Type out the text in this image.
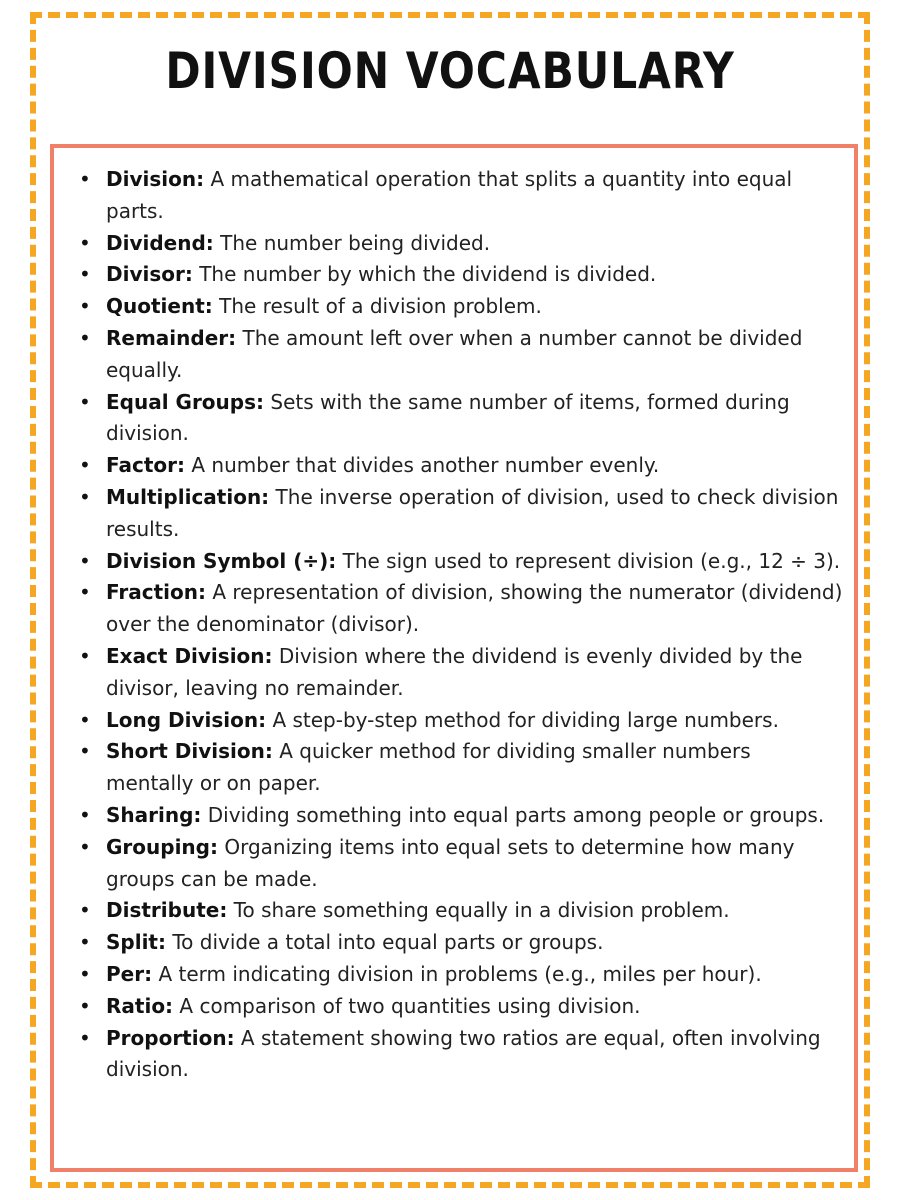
DIVISION VOCABULARY
• Division: A mathematical operation that splits a quantity into equal parts.
• Dividend: The number being divided.
• Divisor: The number by which the dividend is divided.
• Quotient: The result of a division problem.
• Remainder: The amount left over when a number cannot be divided equally.
• Equal Groups: Sets with the same number of items, formed during division.
• Factor: A number that divides another number evenly.
• Multiplication: The inverse operation of division, used to check division results.
• Division Symbol (÷): The sign used to represent division (e.g., 12 ÷ 3).
• Fraction: A representation of division, showing the numerator (dividend) over the denominator (divisor).
• Exact Division: Division where the dividend is evenly divided by the divisor, leaving no remainder.
• Long Division: A step-by-step method for dividing large numbers.
• Short Division: A quicker method for dividing smaller numbers mentally or on paper.
• Sharing: Dividing something into equal parts among people or groups.
• Grouping: Organizing items into equal sets to determine how many groups can be made.
• Distribute: To share something equally in a division problem.
• Split: To divide a total into equal parts or groups.
• Per: A term indicating division in problems (e.g., miles per hour).
• Ratio: A comparison of two quantities using division.
• Proportion: A statement showing two ratios are equal, often involving division.
